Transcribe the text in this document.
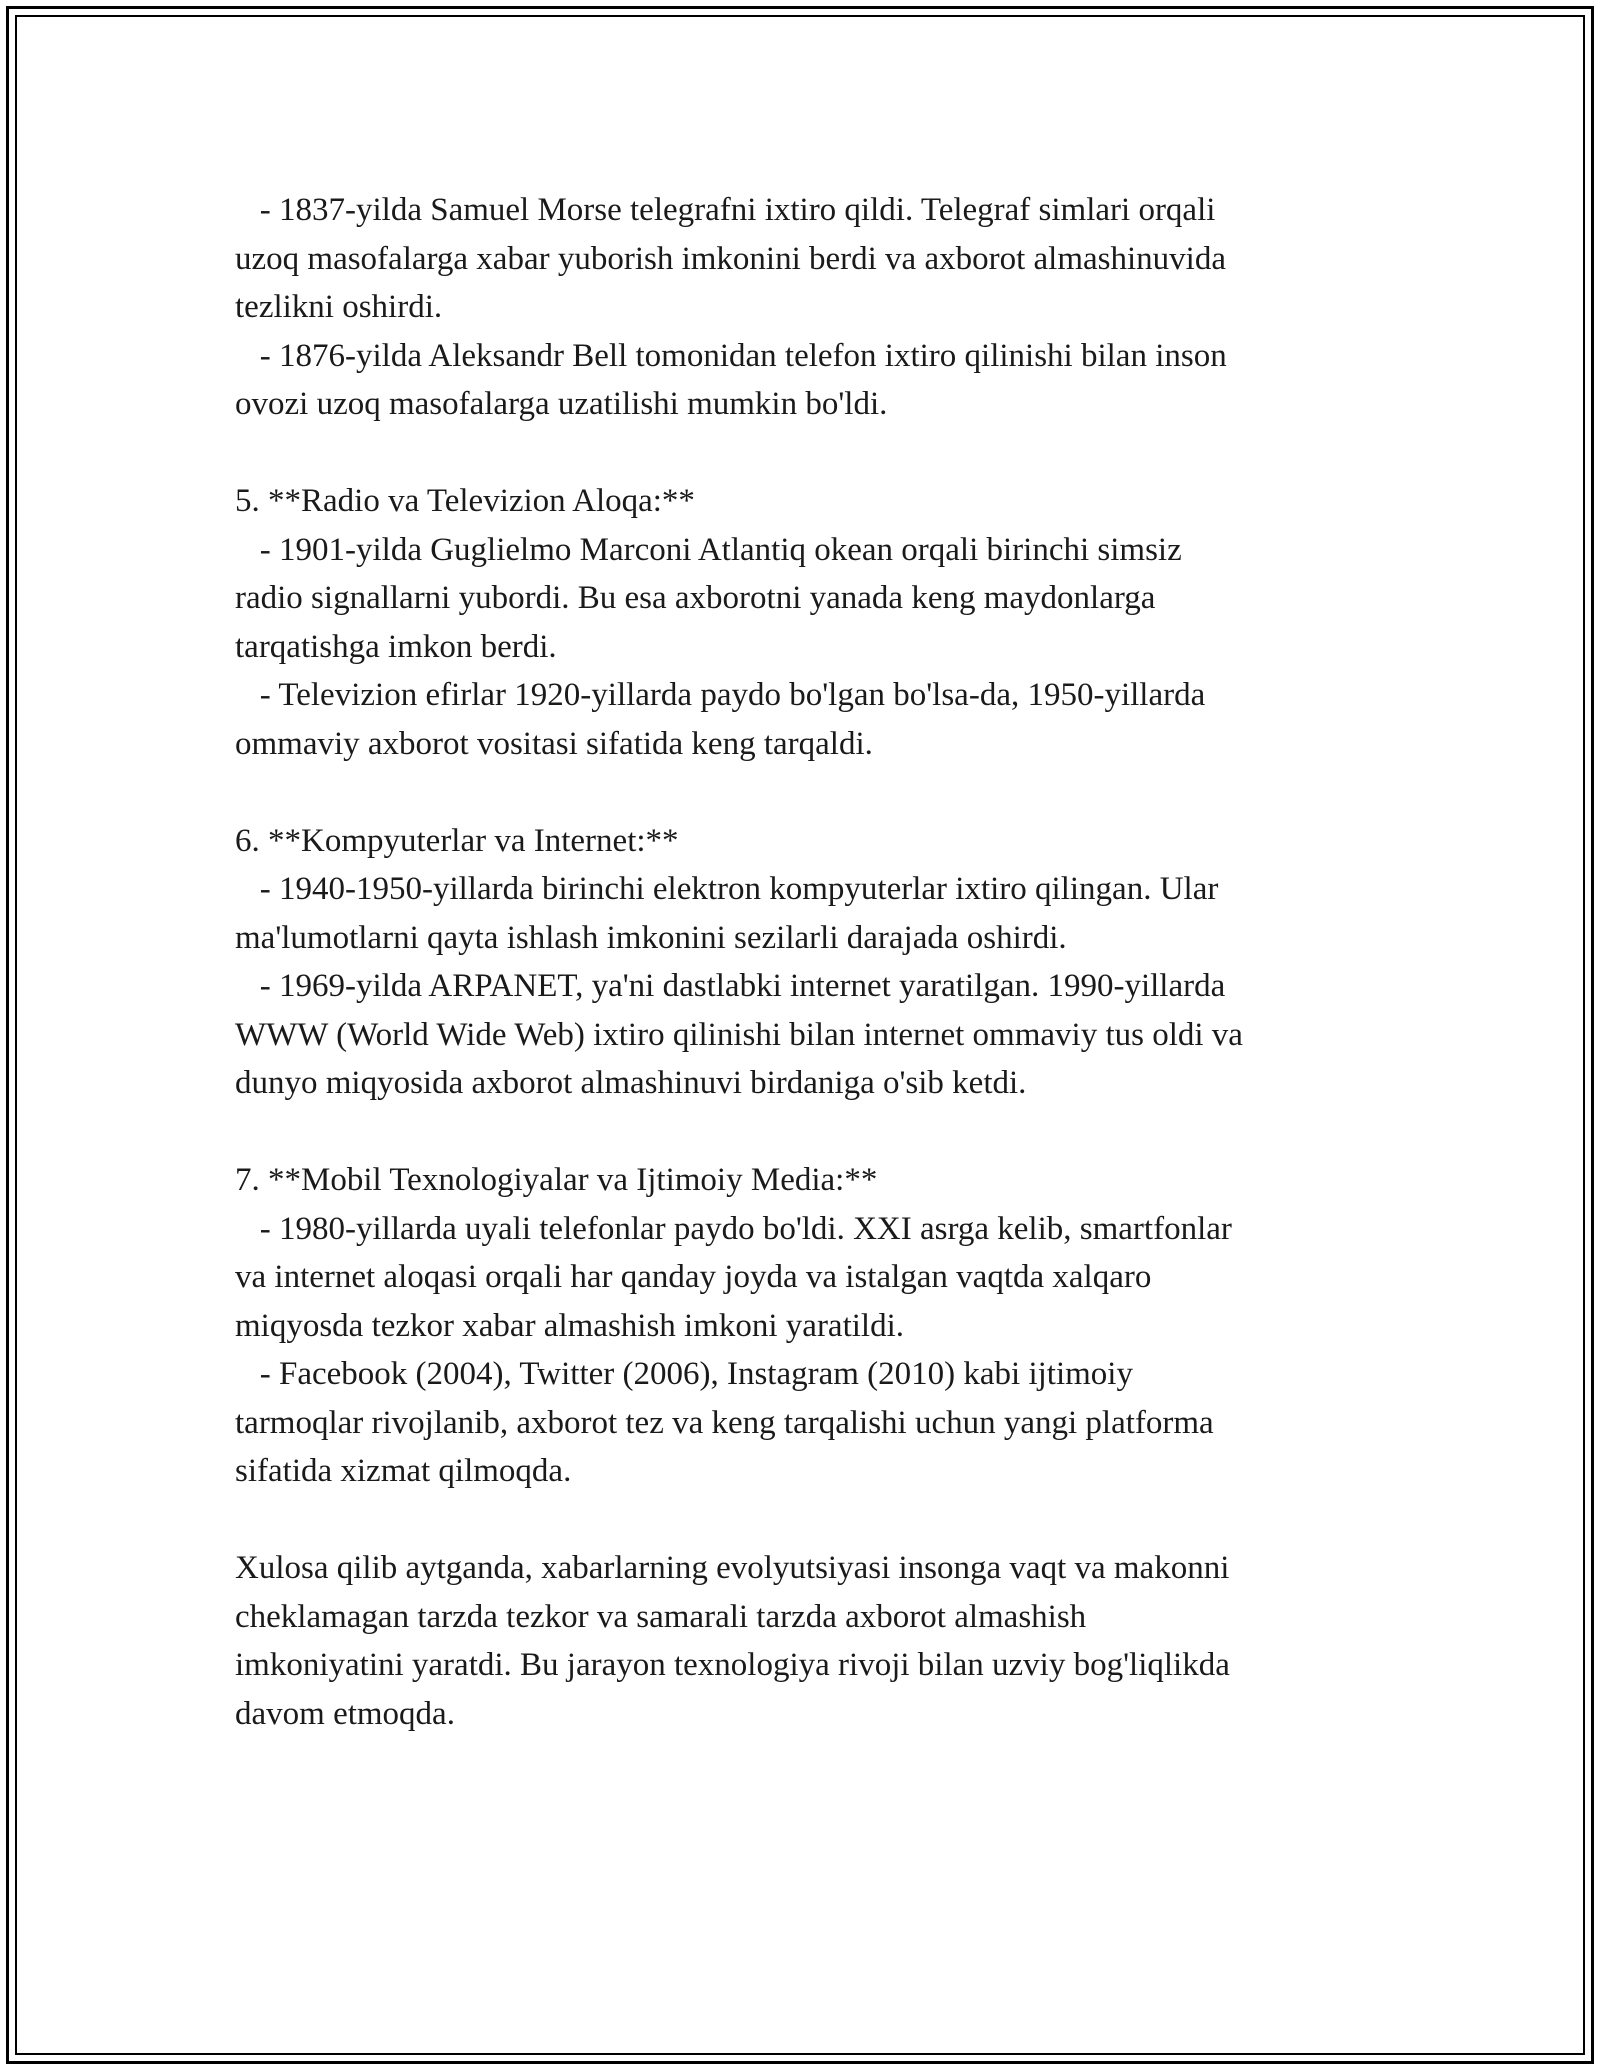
- 1837-yilda Samuel Morse telegrafni ixtiro qildi. Telegraf simlari orqali
uzoq masofalarga xabar yuborish imkonini berdi va axborot almashinuvida
tezlikni oshirdi.
- 1876-yilda Aleksandr Bell tomonidan telefon ixtiro qilinishi bilan inson
ovozi uzoq masofalarga uzatilishi mumkin bo'ldi.
5. **Radio va Televizion Aloqa:**
- 1901-yilda Guglielmo Marconi Atlantiq okean orqali birinchi simsiz
radio signallarni yubordi. Bu esa axborotni yanada keng maydonlarga
tarqatishga imkon berdi.
- Televizion efirlar 1920-yillarda paydo bo'lgan bo'lsa-da, 1950-yillarda
ommaviy axborot vositasi sifatida keng tarqaldi.
6. **Kompyuterlar va Internet:**
- 1940-1950-yillarda birinchi elektron kompyuterlar ixtiro qilingan. Ular
ma'lumotlarni qayta ishlash imkonini sezilarli darajada oshirdi.
- 1969-yilda ARPANET, ya'ni dastlabki internet yaratilgan. 1990-yillarda
WWW (World Wide Web) ixtiro qilinishi bilan internet ommaviy tus oldi va
dunyo miqyosida axborot almashinuvi birdaniga o'sib ketdi.
7. **Mobil Texnologiyalar va Ijtimoiy Media:**
- 1980-yillarda uyali telefonlar paydo bo'ldi. XXI asrga kelib, smartfonlar
va internet aloqasi orqali har qanday joyda va istalgan vaqtda xalqaro
miqyosda tezkor xabar almashish imkoni yaratildi.
- Facebook (2004), Twitter (2006), Instagram (2010) kabi ijtimoiy
tarmoqlar rivojlanib, axborot tez va keng tarqalishi uchun yangi platforma
sifatida xizmat qilmoqda.
Xulosa qilib aytganda, xabarlarning evolyutsiyasi insonga vaqt va makonni
cheklamagan tarzda tezkor va samarali tarzda axborot almashish
imkoniyatini yaratdi. Bu jarayon texnologiya rivoji bilan uzviy bog'liqlikda
davom etmoqda.
